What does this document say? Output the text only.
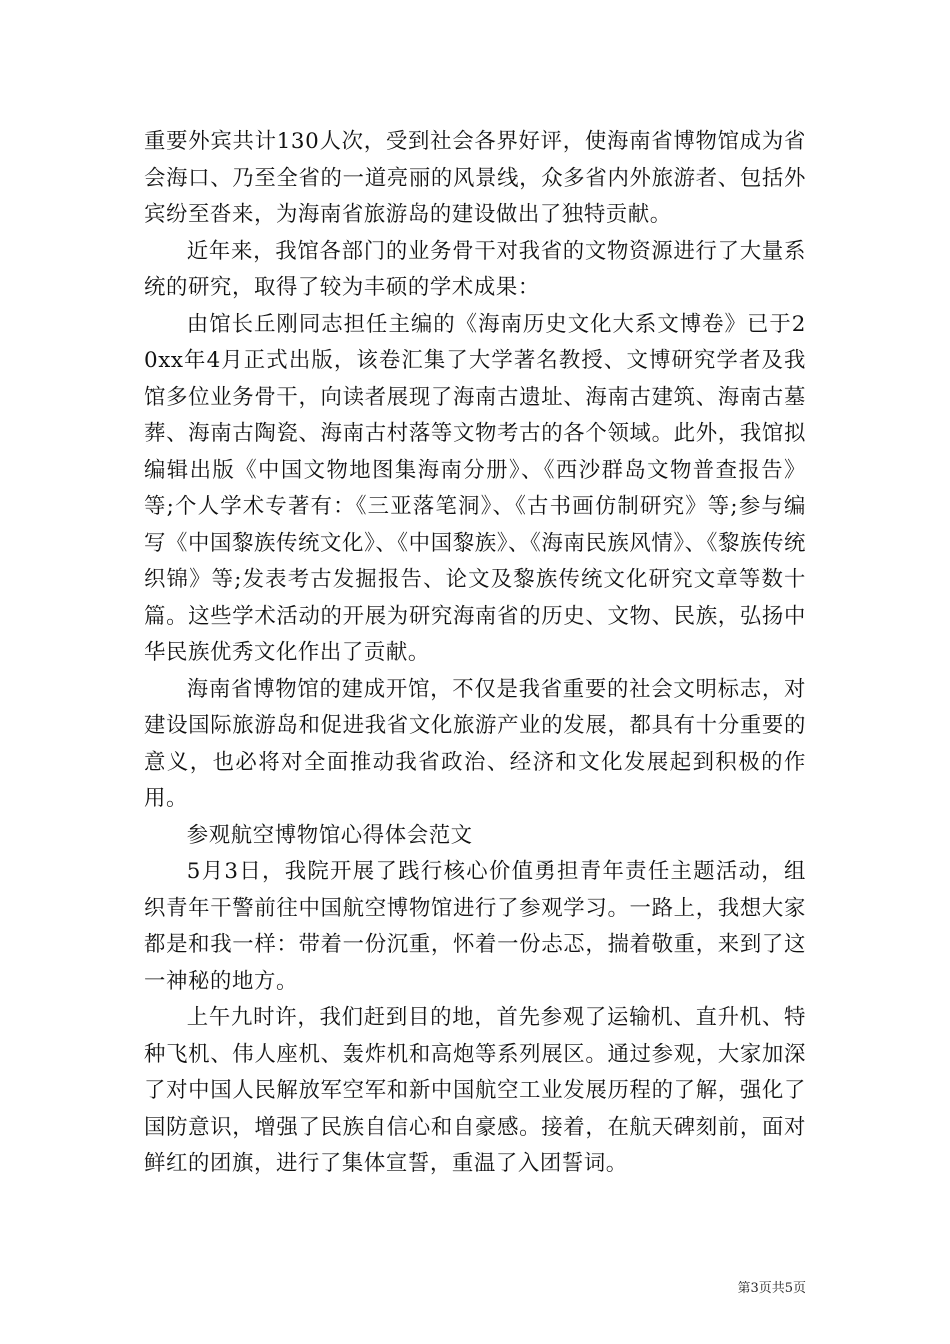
重要外宾共计130人次，受到社会各界好评，使海南省博物馆成为省会海口、乃至全省的一道亮丽的风景线，众多省内外旅游者、包括外宾纷至沓来，为海南省旅游岛的建设做出了独特贡献。

近年来，我馆各部门的业务骨干对我省的文物资源进行了大量系统的研究，取得了较为丰硕的学术成果：

由馆长丘刚同志担任主编的《海南历史文化大系文博卷》已于20xx年4月正式出版，该卷汇集了大学著名教授、文博研究学者及我馆多位业务骨干，向读者展现了海南古遗址、海南古建筑、海南古墓葬、海南古陶瓷、海南古村落等文物考古的各个领域。此外，我馆拟编辑出版《中国文物地图集海南分册》、《西沙群岛文物普查报告》等;个人学术专著有：《三亚落笔洞》、《古书画仿制研究》等;参与编写《中国黎族传统文化》、《中国黎族》、《海南民族风情》、《黎族传统织锦》等;发表考古发掘报告、论文及黎族传统文化研究文章等数十篇。这些学术活动的开展为研究海南省的历史、文物、民族，弘扬中华民族优秀文化作出了贡献。

海南省博物馆的建成开馆，不仅是我省重要的社会文明标志，对建设国际旅游岛和促进我省文化旅游产业的发展，都具有十分重要的意义，也必将对全面推动我省政治、经济和文化发展起到积极的作用。

参观航空博物馆心得体会范文

5月3日，我院开展了践行核心价值勇担青年责任主题活动，组织青年干警前往中国航空博物馆进行了参观学习。一路上，我想大家都是和我一样：带着一份沉重，怀着一份忐忑，揣着敬重，来到了这一神秘的地方。

上午九时许，我们赶到目的地，首先参观了运输机、直升机、特种飞机、伟人座机、轰炸机和高炮等系列展区。通过参观，大家加深了对中国人民解放军空军和新中国航空工业发展历程的了解，强化了国防意识，增强了民族自信心和自豪感。接着，在航天碑刻前，面对鲜红的团旗，进行了集体宣誓，重温了入团誓词。

第3页共5页
